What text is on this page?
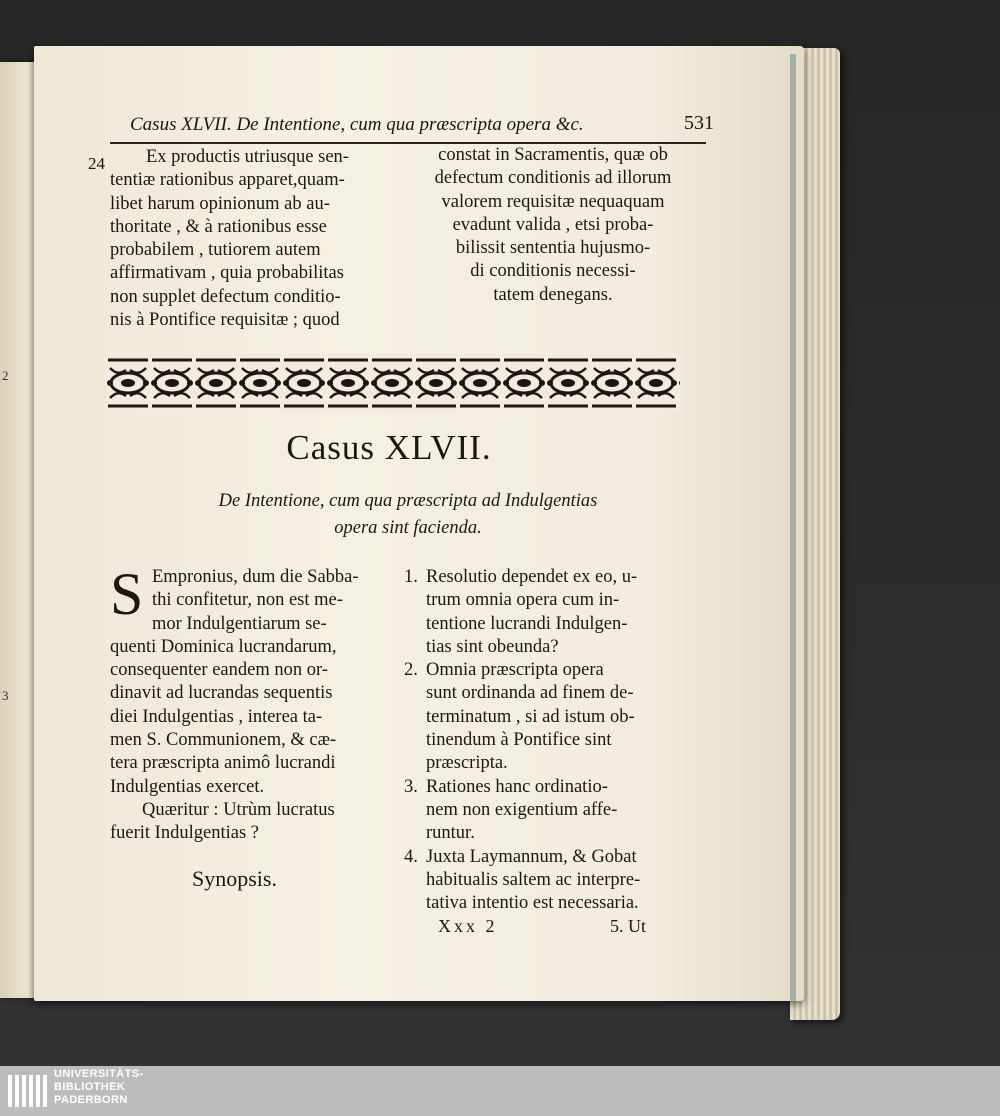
2
3
Casus XLVII. De Intentione, cum qua præscripta opera &c.	531
24	Ex productis utriusque sen-
tentiæ rationibus apparet,quam-
libet harum opinionum ab au-
thoritate , & à rationibus esse
probabilem , tutiorem autem
affirmativam , quia probabilitas
non supplet defectum conditio-
nis à Pontifice requisitæ ; quod
constat in Sacramentis, quæ ob
defectum conditionis ad illorum
valorem requisitæ nequaquam
evadunt valida , etsi proba-
bilissit sententia hujusmo-
di conditionis necessi-
tatem denegans.
Casus XLVII.
De Intentione, cum qua præscripta ad Indulgentias
opera sint facienda.
S Empronius, dum die Sabba-
thi confitetur, non est me-
mor Indulgentiarum se-
quenti Dominica lucrandarum,
consequenter eandem non or-
dinavit ad lucrandas sequentis
diei Indulgentias , interea ta-
men S. Communionem, & cæ-
tera præscripta animô lucrandi
Indulgentias exercet.
Quæritur : Utrùm lucratus
fuerit Indulgentias ?
Synopsis.
1. Resolutio dependet ex eo, u-
trum omnia opera cum in-
tentione lucrandi Indulgen-
tias sint obeunda?
2. Omnia præscripta opera
sunt ordinanda ad finem de-
terminatum , si ad istum ob-
tinendum à Pontifice sint
præscripta.
3. Rationes hanc ordinatio-
nem non exigentium affe-
runtur.
4. Juxta Laymannum, & Gobat
habitualis saltem ac interpre-
tativa intentio est necessaria.
Xxx 2	5. Ut
UNIVERSITÄTS-
BIBLIOTHEK
PADERBORN
